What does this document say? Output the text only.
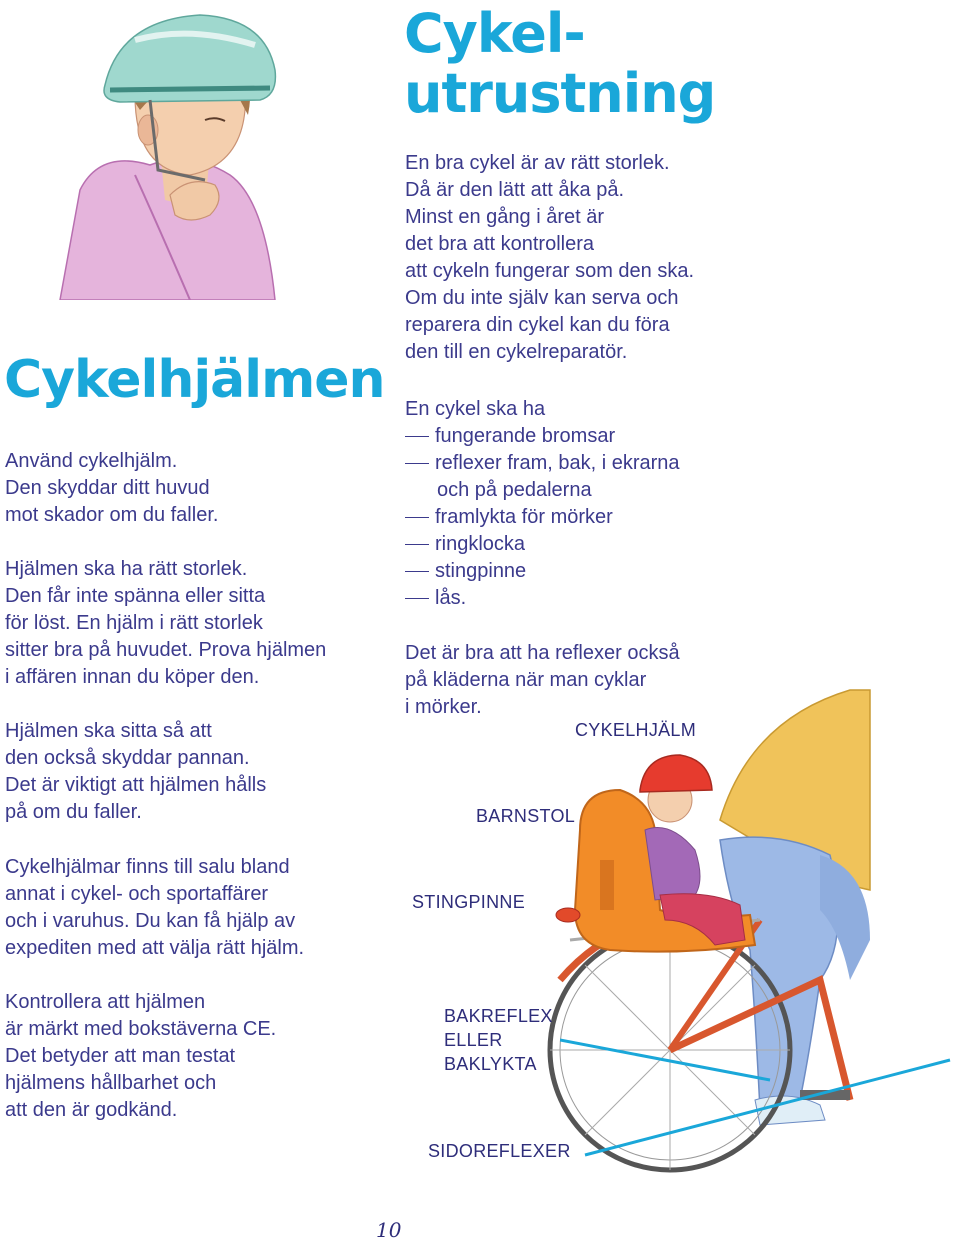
Cykelhjälmen
Använd cykelhjälm.
Den skyddar ditt huvud
mot skador om du faller.
Hjälmen ska ha rätt storlek.
Den får inte spänna eller sitta
för löst. En hjälm i rätt storlek
sitter bra på huvudet. Prova hjälmen
i affären innan du köper den.
Hjälmen ska sitta så att
den också skyddar pannan.
Det är viktigt att hjälmen hålls
på om du faller.
Cykelhjälmar finns till salu bland
annat i cykel- och sportaffärer
och i varuhus. Du kan få hjälp av
expediten med att välja rätt hjälm.
Kontrollera att hjälmen
är märkt med bokstäverna CE.
Det betyder att man testat
hjälmens hållbarhet och
att den är godkänd.
Cykel-
utrustning
En bra cykel är av rätt storlek.
Då är den lätt att åka på.
Minst en gång i året är
det bra att kontrollera
att cykeln fungerar som den ska.
Om du inte själv kan serva och
reparera din cykel kan du föra
den till en cykelreparatör.
En cykel ska ha
fungerande bromsar
reflexer fram, bak, i ekrarna
och på pedalerna
framlykta för mörker
ringklocka
stingpinne
lås.
Det är bra att ha reflexer också
på kläderna när man cyklar
i mörker.
CYKELHJÄLM
BARNSTOL
STINGPINNE
BAKREFLEX
ELLER
BAKLYKTA
SIDOREFLEXER
10
